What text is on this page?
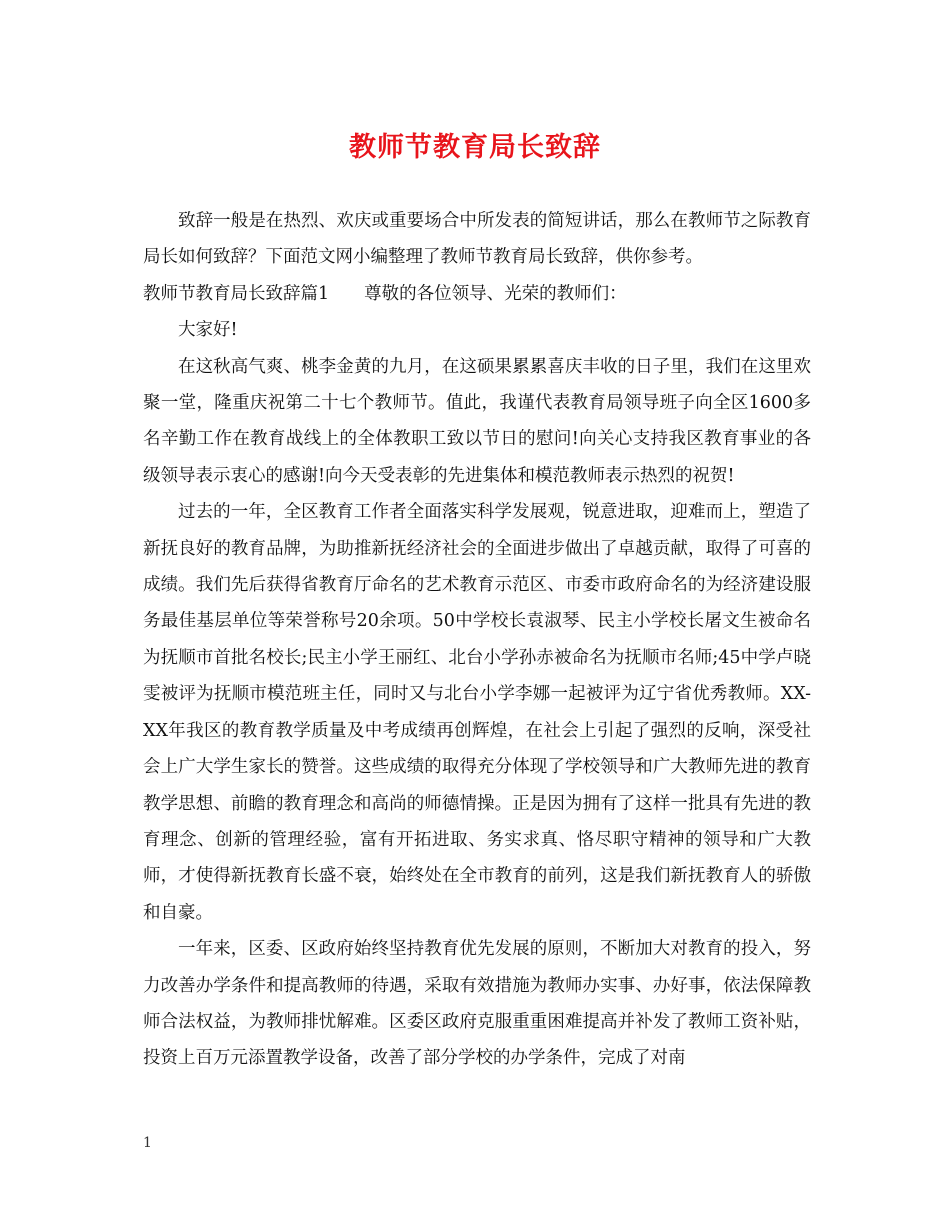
教师节教育局长致辞

致辞一般是在热烈、欢庆或重要场合中所发表的简短讲话，那么在教师节之际教育局长如何致辞？下面范文网小编整理了教师节教育局长致辞，供你参考。

教师节教育局长致辞篇1 尊敬的各位领导、光荣的教师们：

大家好!

在这秋高气爽、桃李金黄的九月，在这硕果累累喜庆丰收的日子里，我们在这里欢聚一堂，隆重庆祝第二十七个教师节。值此，我谨代表教育局领导班子向全区1600多名辛勤工作在教育战线上的全体教职工致以节日的慰问!向关心支持我区教育事业的各级领导表示衷心的感谢!向今天受表彰的先进集体和模范教师表示热烈的祝贺!

过去的一年，全区教育工作者全面落实科学发展观，锐意进取，迎难而上，塑造了新抚良好的教育品牌，为助推新抚经济社会的全面进步做出了卓越贡献，取得了可喜的成绩。我们先后获得省教育厅命名的艺术教育示范区、市委市政府命名的为经济建设服务最佳基层单位等荣誉称号20余项。50中学校长袁淑琴、民主小学校长屠文生被命名为抚顺市首批名校长;民主小学王丽红、北台小学孙赤被命名为抚顺市名师;45中学卢晓雯被评为抚顺市模范班主任，同时又与北台小学李娜一起被评为辽宁省优秀教师。XX-XX年我区的教育教学质量及中考成绩再创辉煌，在社会上引起了强烈的反响，深受社会上广大学生家长的赞誉。这些成绩的取得充分体现了学校领导和广大教师先进的教育教学思想、前瞻的教育理念和高尚的师德情操。正是因为拥有了这样一批具有先进的教育理念、创新的管理经验，富有开拓进取、务实求真、恪尽职守精神的领导和广大教师，才使得新抚教育长盛不衰，始终处在全市教育的前列，这是我们新抚教育人的骄傲和自豪。

一年来，区委、区政府始终坚持教育优先发展的原则，不断加大对教育的投入，努力改善办学条件和提高教师的待遇，采取有效措施为教师办实事、办好事，依法保障教师合法权益，为教师排忧解难。区委区政府克服重重困难提高并补发了教师工资补贴，投资上百万元添置教学设备，改善了部分学校的办学条件，完成了对南

1
